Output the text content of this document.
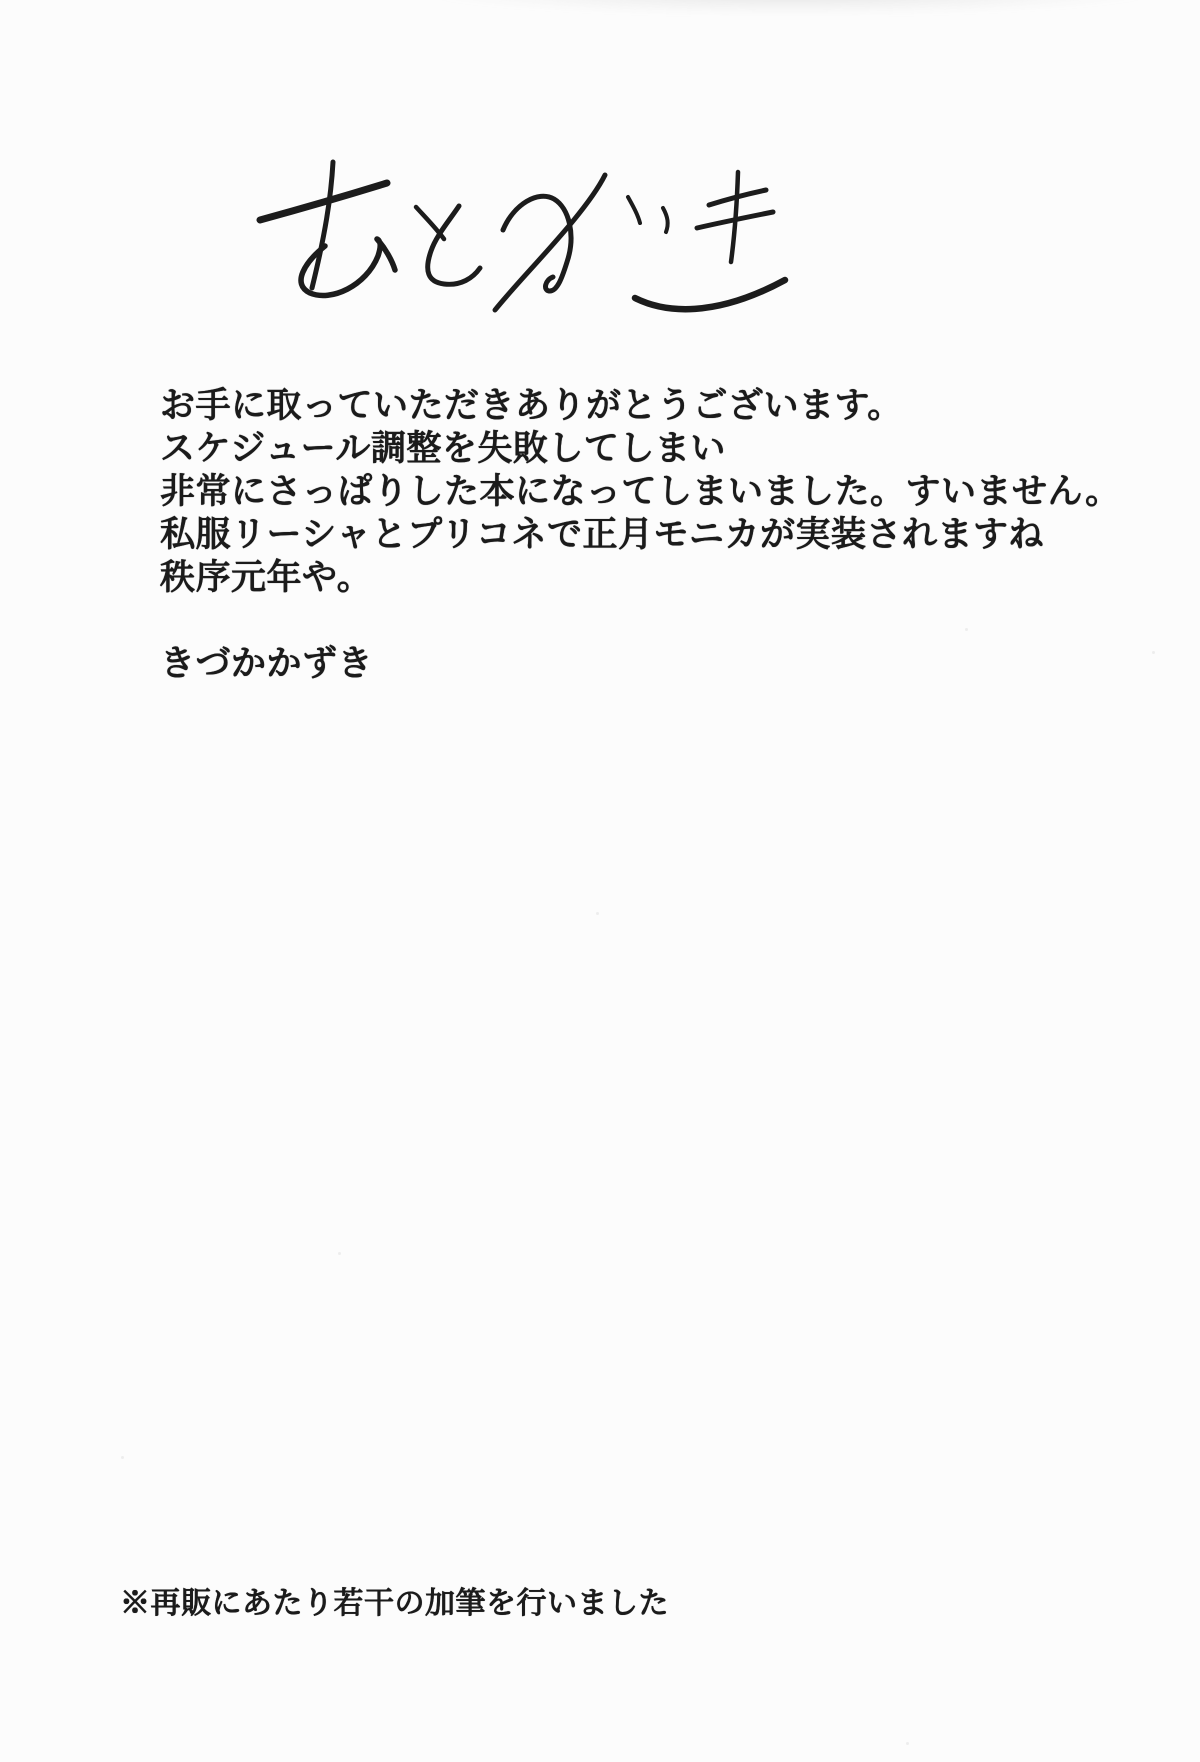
お手に取っていただきありがとうございます。
スケジュール調整を失敗してしまい
非常にさっぱりした本になってしまいました。すいません。
私服リーシャとプリコネで正月モニカが実装されますね
秩序元年や。
きづかかずき
※再販にあたり若干の加筆を行いました
